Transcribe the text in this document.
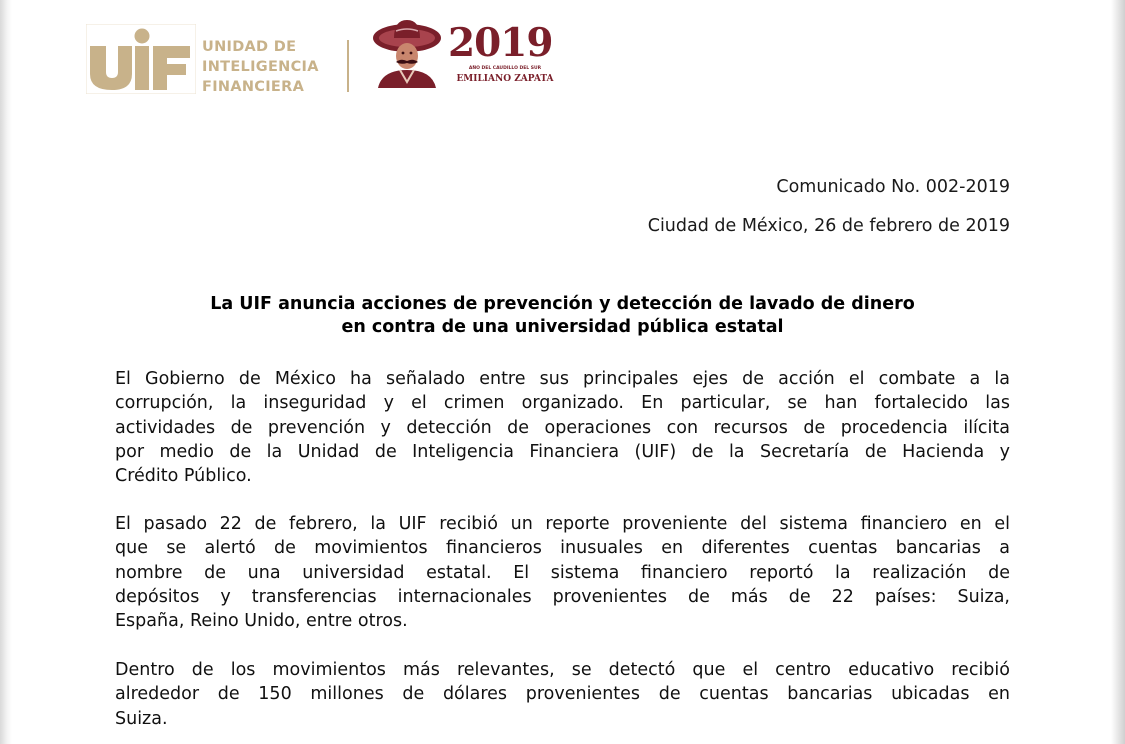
UNIDAD DE
INTELIGENCIA
FINANCIERA
2019
AÑO DEL CAUDILLO DEL SUR
EMILIANO ZAPATA
Comunicado No. 002-2019
Ciudad de México, 26 de febrero de 2019
La UIF anuncia acciones de prevención y detección de lavado de dinero
en contra de una universidad pública estatal
El Gobierno de México ha señalado entre sus principales ejes de acción el combate a la
corrupción, la inseguridad y el crimen organizado. En particular, se han fortalecido las
actividades de prevención y detección de operaciones con recursos de procedencia ilícita
por medio de la Unidad de Inteligencia Financiera (UIF) de la Secretaría de Hacienda y
Crédito Público.
El pasado 22 de febrero, la UIF recibió un reporte proveniente del sistema financiero en el
que se alertó de movimientos financieros inusuales en diferentes cuentas bancarias a
nombre de una universidad estatal. El sistema financiero reportó la realización de
depósitos y transferencias internacionales provenientes de más de 22 países: Suiza,
España, Reino Unido, entre otros.
Dentro de los movimientos más relevantes, se detectó que el centro educativo recibió
alrededor de 150 millones de dólares provenientes de cuentas bancarias ubicadas en
Suiza.
